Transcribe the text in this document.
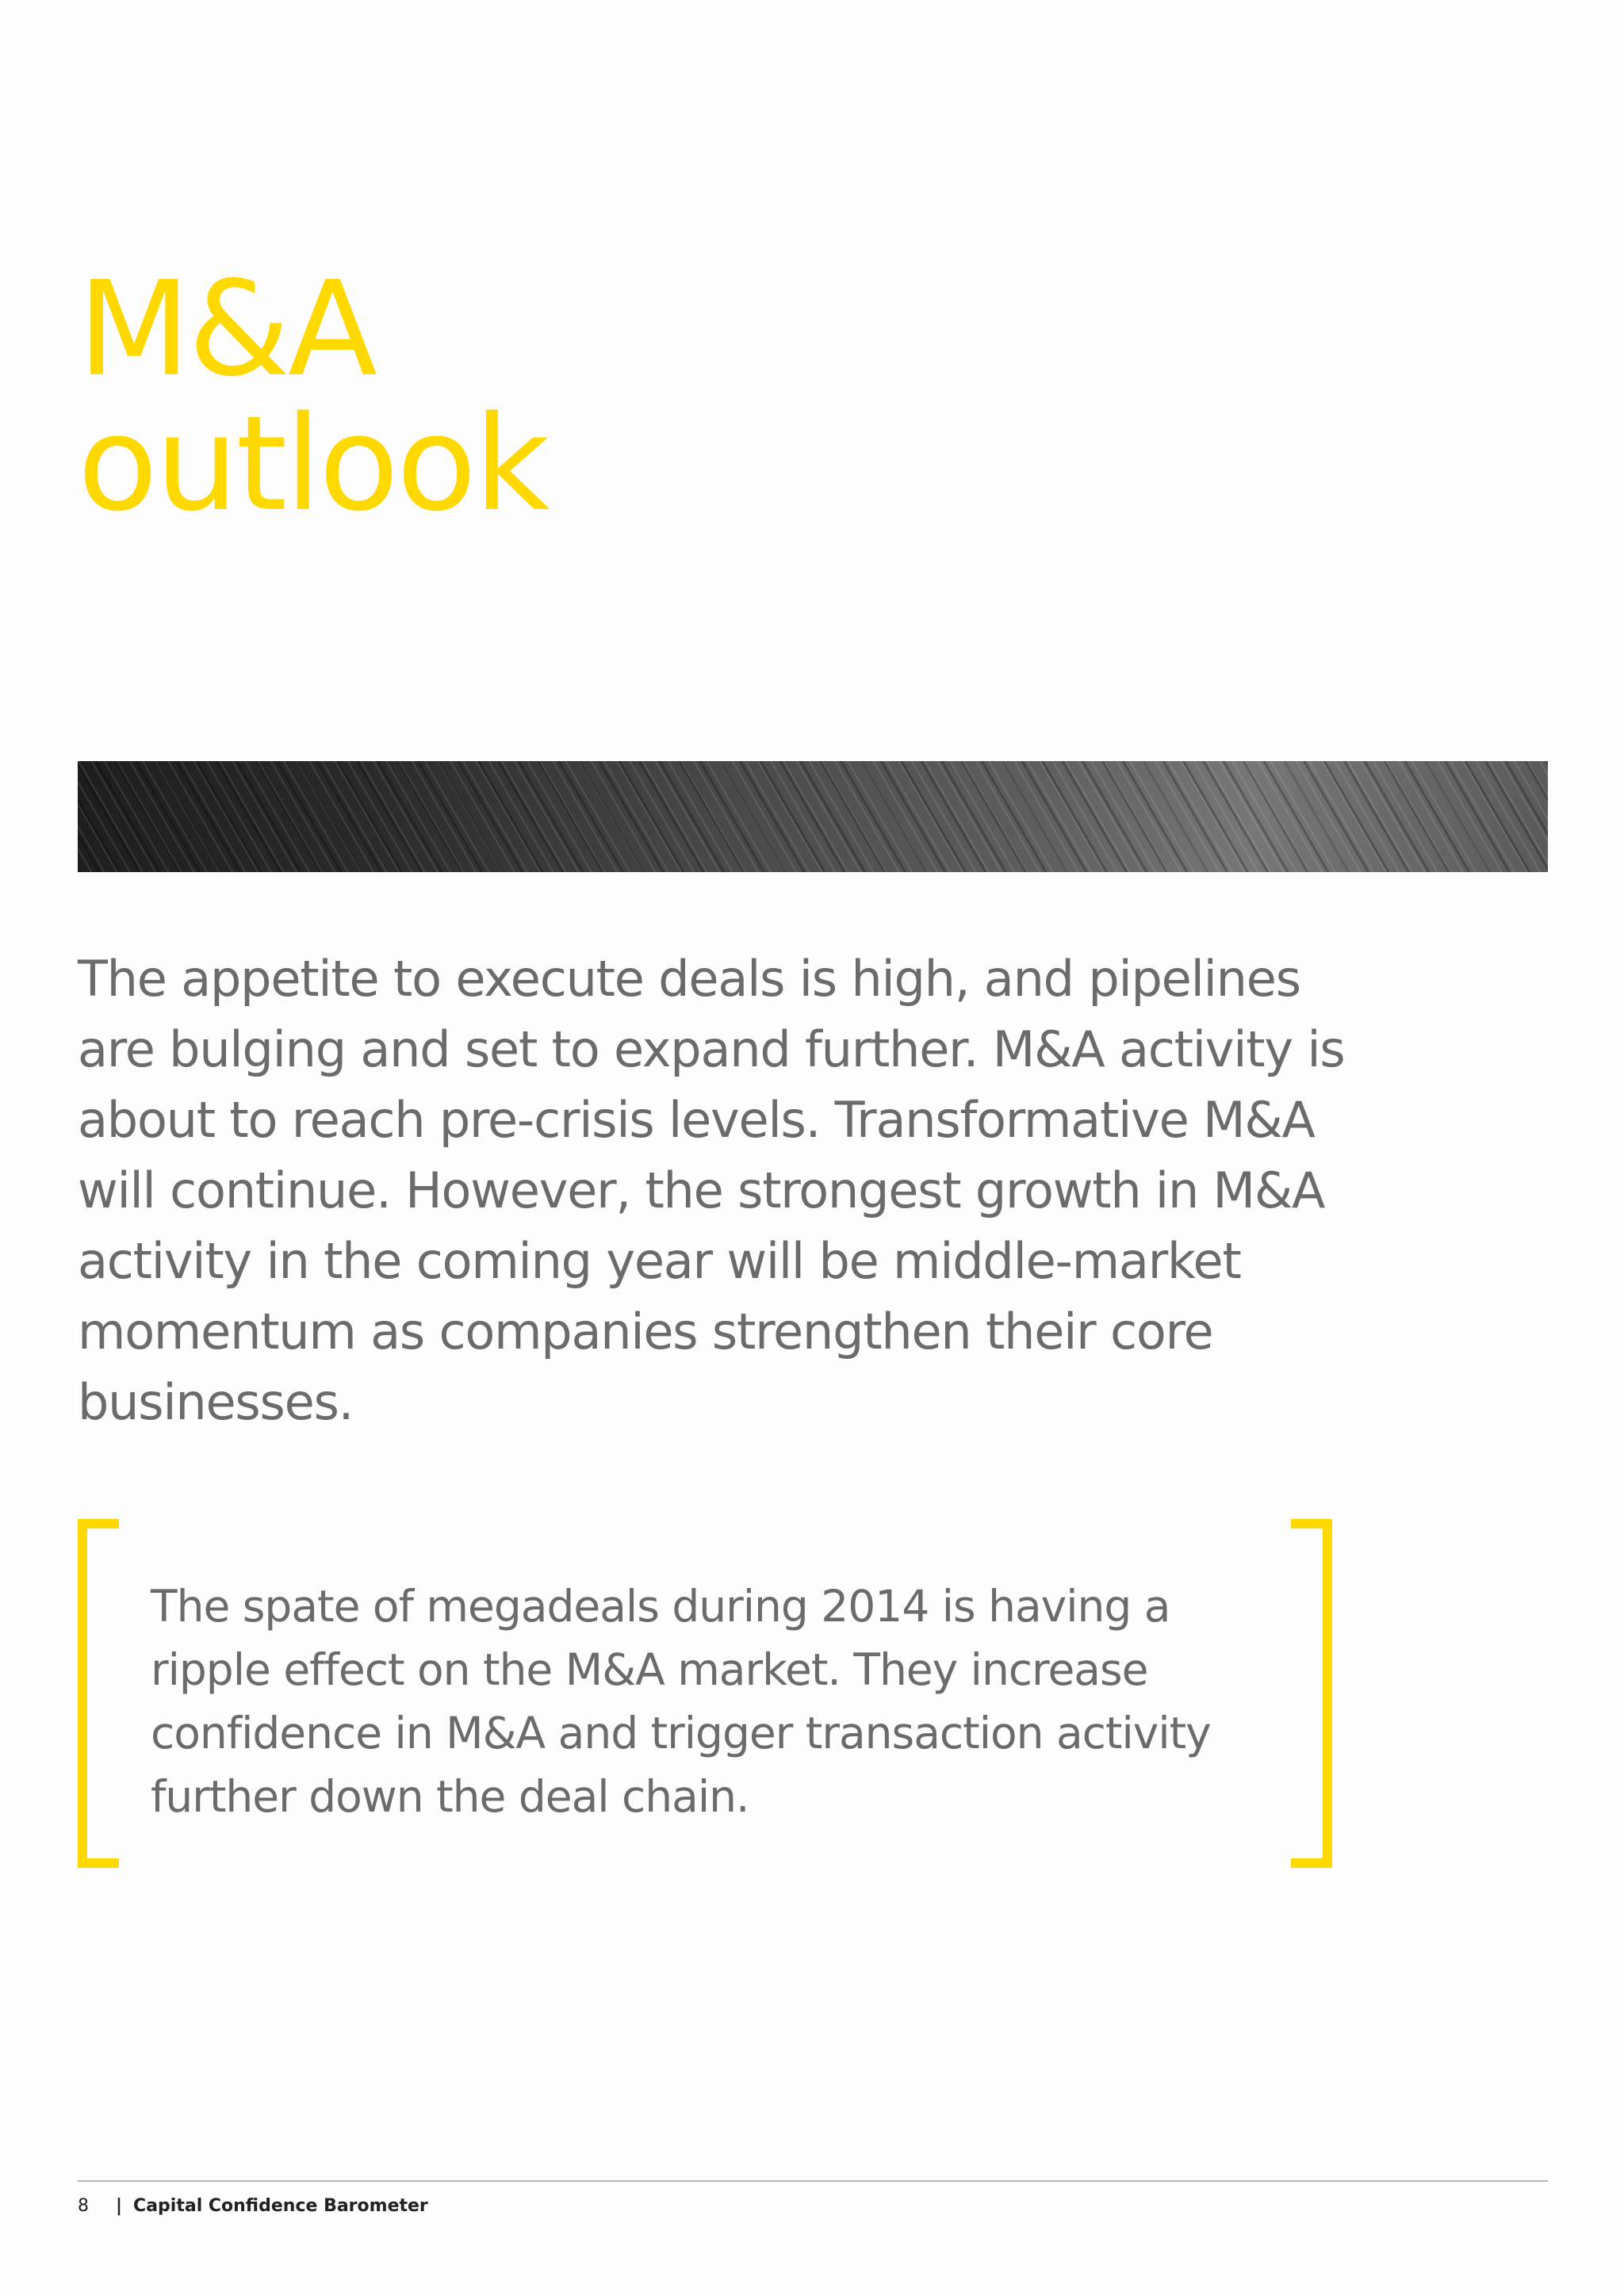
M&A
outlook

The appetite to execute deals is high, and pipelines are bulging and set to expand further. M&A activity is about to reach pre-crisis levels. Transformative M&A will continue. However, the strongest growth in M&A activity in the coming year will be middle-market momentum as companies strengthen their core businesses.

The spate of megadeals during 2014 is having a ripple effect on the M&A market. They increase confidence in M&A and trigger transaction activity further down the deal chain.

8	| Capital Confidence Barometer
